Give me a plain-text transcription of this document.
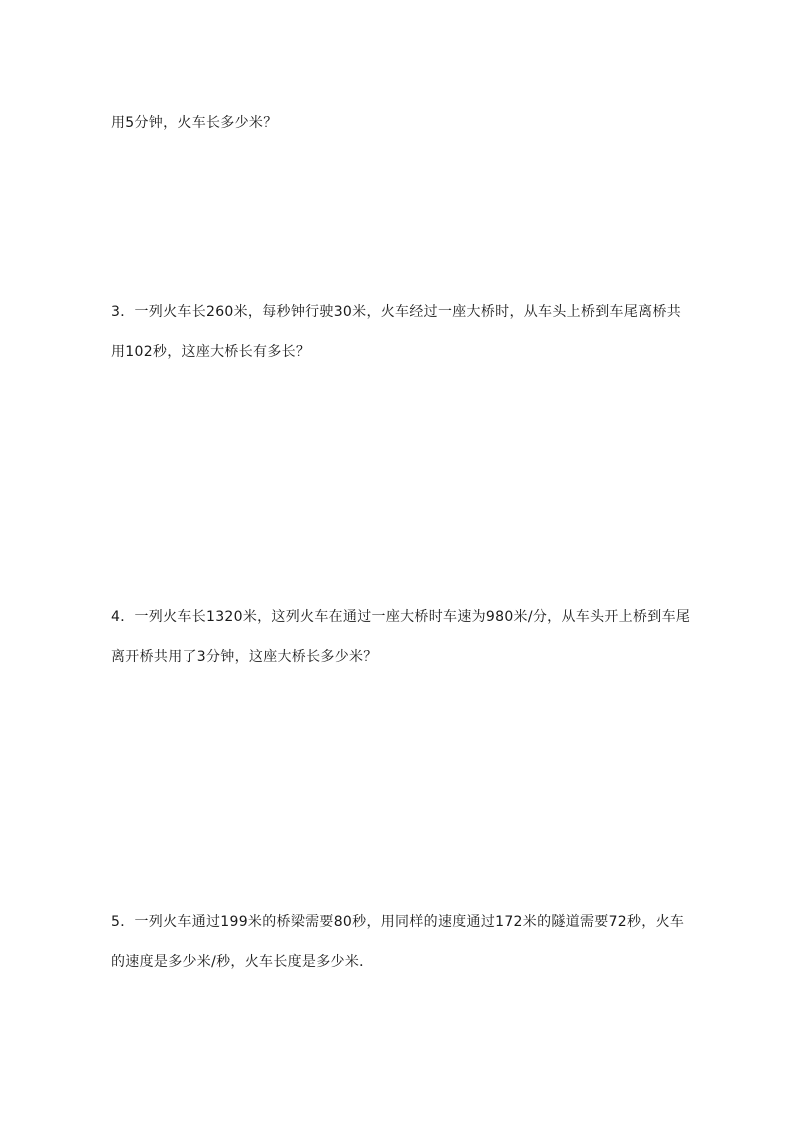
用5分钟，火车长多少米？
3．一列火车长260米，每秒钟行驶30米，火车经过一座大桥时，从车头上桥到车尾离桥共
用102秒，这座大桥长有多长？
4．一列火车长1320米，这列火车在通过一座大桥时车速为980米/分，从车头开上桥到车尾
离开桥共用了3分钟，这座大桥长多少米？
5．一列火车通过199米的桥梁需要80秒，用同样的速度通过172米的隧道需要72秒，火车
的速度是多少米/秒，火车长度是多少米．
